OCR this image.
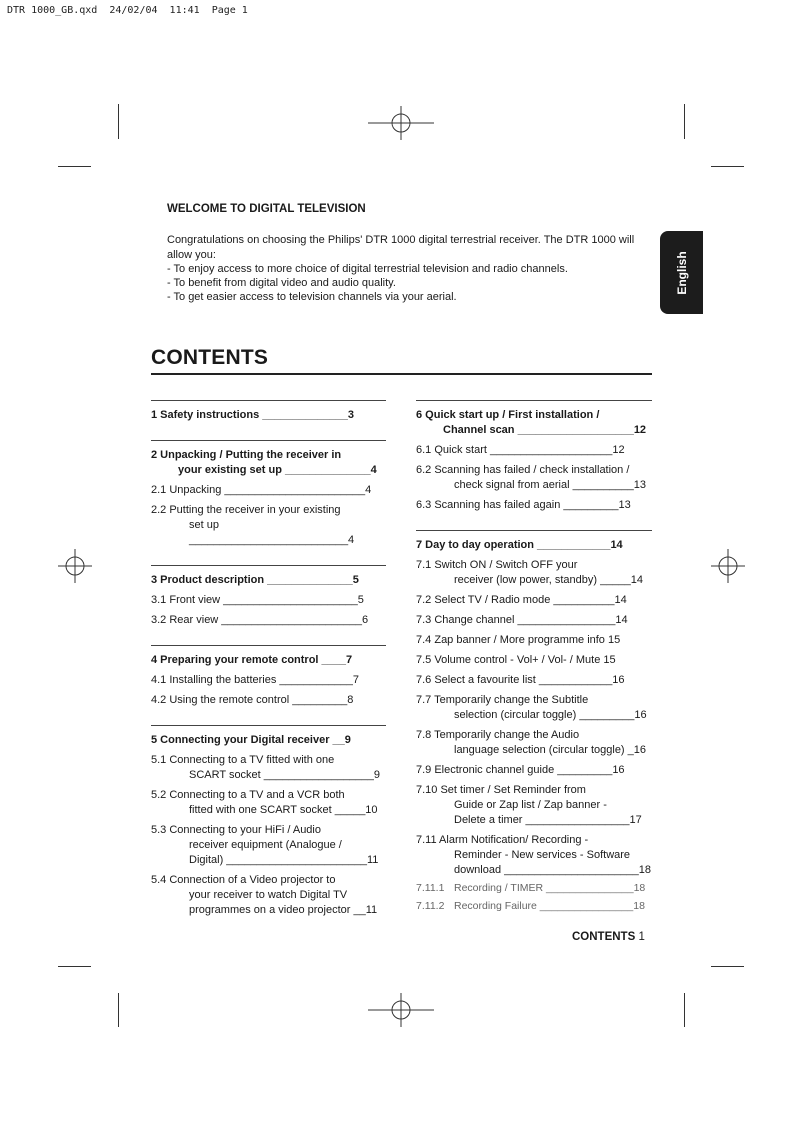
DTR 1000_GB.qxd  24/02/04  11:41  Page 1
English
WELCOME TO DIGITAL TELEVISION
Congratulations on choosing the Philips' DTR 1000 digital terrestrial receiver. The DTR 1000 will allow you:
- To enjoy access to more choice of digital terrestrial television and radio channels.
- To benefit from digital video and audio quality.
- To get easier access to television channels via your aerial.
CONTENTS
1 Safety instructions ______________3
2 Unpacking / Putting the receiver in
your existing set up ______________4
2.1 Unpacking _______________________4
2.2 Putting the receiver in your existing
set up __________________________4
3 Product description ______________5
3.1 Front view ______________________5
3.2 Rear view _______________________6
4 Preparing your remote control ____7
4.1 Installing the batteries ____________7
4.2 Using the remote control _________8
5 Connecting your Digital receiver __9
5.1 Connecting to a TV fitted with one
SCART socket __________________9
5.2 Connecting to a TV and a VCR both
fitted with one SCART socket _____10
5.3 Connecting to your HiFi / Audio
receiver equipment (Analogue /
Digital) _______________________11
5.4 Connection of a Video projector to
your receiver to watch Digital TV
programmes on a video projector __11
6 Quick start up / First installation /
Channel scan ___________________12
6.1 Quick start ____________________12
6.2 Scanning has failed / check installation /
check signal from aerial __________13
6.3 Scanning has failed again _________13
7 Day to day operation ____________14
7.1 Switch ON / Switch OFF your
receiver (low power, standby) _____14
7.2 Select TV / Radio mode __________14
7.3 Change channel ________________14
7.4 Zap banner / More programme info 15
7.5 Volume control - Vol+ / Vol- / Mute 15
7.6 Select a favourite list ____________16
7.7 Temporarily change the Subtitle
selection (circular toggle) _________16
7.8 Temporarily change the Audio
language selection (circular toggle) _16
7.9 Electronic channel guide _________16
7.10 Set timer / Set Reminder from
Guide or Zap list / Zap banner -
Delete a timer _________________17
7.11 Alarm Notification/ Recording -
Reminder - New services - Software
download ______________________18
7.11.1 Recording / TIMER _______________18
7.11.2 Recording Failure ________________18
CONTENTS 1
